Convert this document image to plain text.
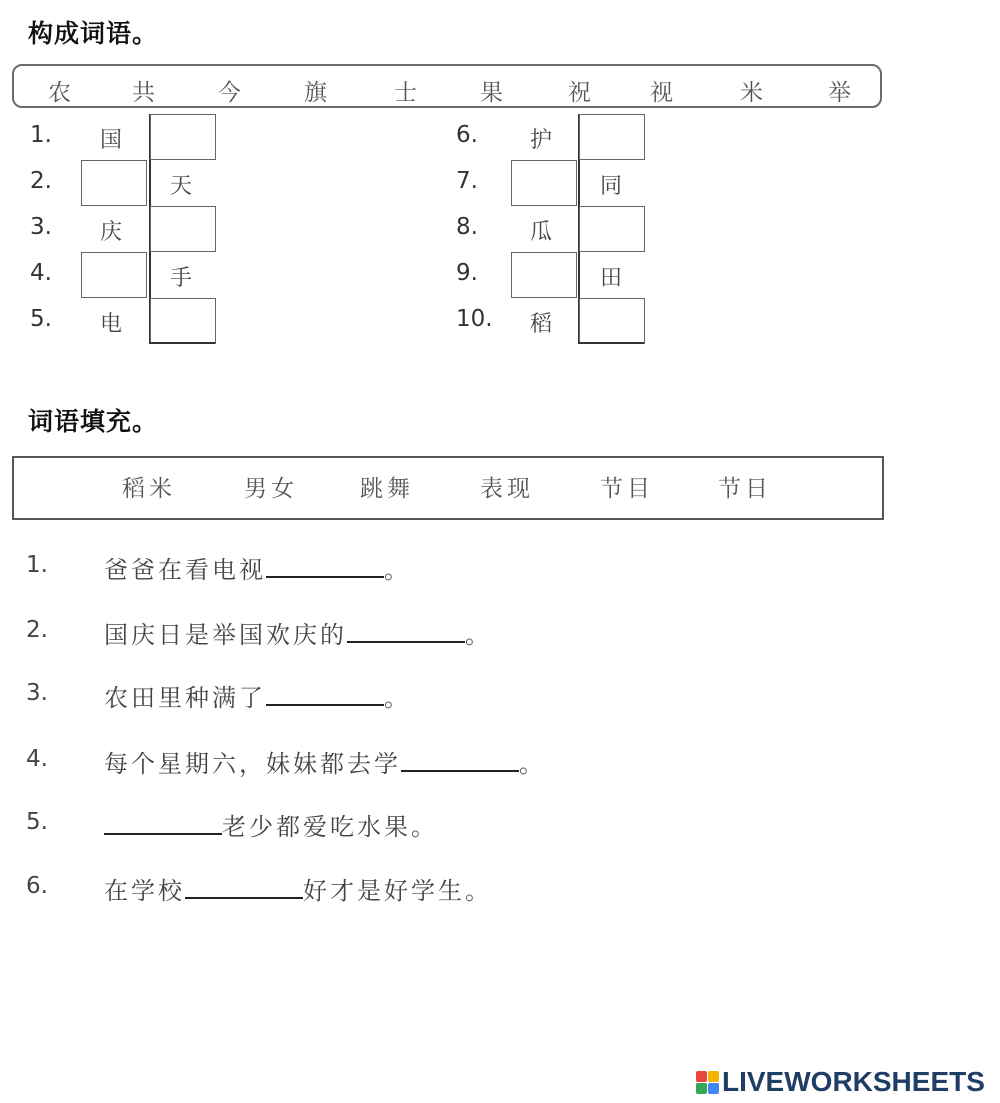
构成词语。
农	共	今	旗	士	果	祝	视	米	举
1. 国
2.	天
3. 庆
4.	手
5. 电
6. 护
7.	同
8. 瓜
9.	田
10. 稻
词语填充。
稻米	男女	跳舞	表现	节目	节日
1. 爸爸在看电视	。
2. 国庆日是举国欢庆的	。
3. 农田里种满了	。
4. 每个星期六，妹妹都去学	。
5.	老少都爱吃水果。
6. 在学校	好才是好学生。
LIVEWORKSHEETS
